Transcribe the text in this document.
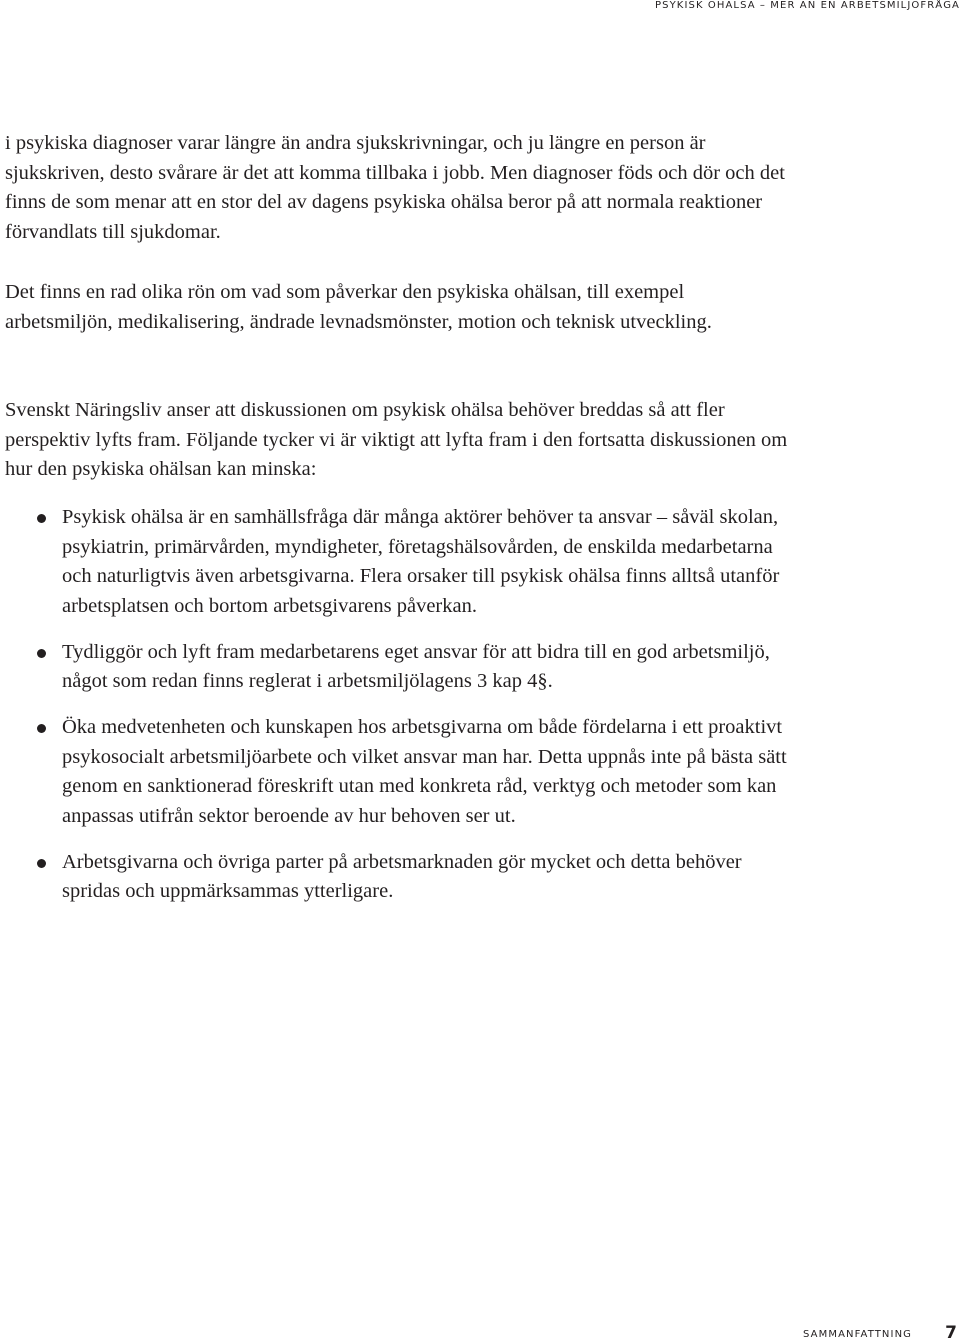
PSYKISK OHÄLSA – MER ÄN EN ARBETSMILJÖFRÅGA

i psykiska diagnoser varar längre än andra sjukskrivningar, och ju längre en person är sjukskriven, desto svårare är det att komma tillbaka i jobb. Men diagnoser föds och dör och det finns de som menar att en stor del av dagens psykiska ohälsa beror på att normala reaktioner förvandlats till sjukdomar.

Det finns en rad olika rön om vad som påverkar den psykiska ohälsan, till exempel arbetsmiljön, medikalisering, ändrade levnadsmönster, motion och teknisk utveckling.

Svenskt Näringsliv anser att diskussionen om psykisk ohälsa behöver breddas så att fler perspektiv lyfts fram. Följande tycker vi är viktigt att lyfta fram i den fortsatta diskussionen om hur den psykiska ohälsan kan minska:

Psykisk ohälsa är en samhällsfråga där många aktörer behöver ta ansvar – såväl skolan, psykiatrin, primärvården, myndigheter, företagshälsovården, de enskilda medarbetarna och naturligtvis även arbetsgivarna. Flera orsaker till psykisk ohälsa finns alltså utanför arbetsplatsen och bortom arbetsgivarens påverkan.
Tydliggör och lyft fram medarbetarens eget ansvar för att bidra till en god arbetsmiljö, något som redan finns reglerat i arbetsmiljölagens 3 kap 4§.
Öka medvetenheten och kunskapen hos arbetsgivarna om både fördelarna i ett proaktivt psykosocialt arbetsmiljöarbete och vilket ansvar man har. Detta uppnås inte på bästa sätt genom en sanktionerad föreskrift utan med konkreta råd, verktyg och metoder som kan anpassas utifrån sektor beroende av hur behoven ser ut.
Arbetsgivarna och övriga parter på arbetsmarknaden gör mycket och detta behöver spridas och uppmärksammas ytterligare.
SAMMANFATTNING 7
